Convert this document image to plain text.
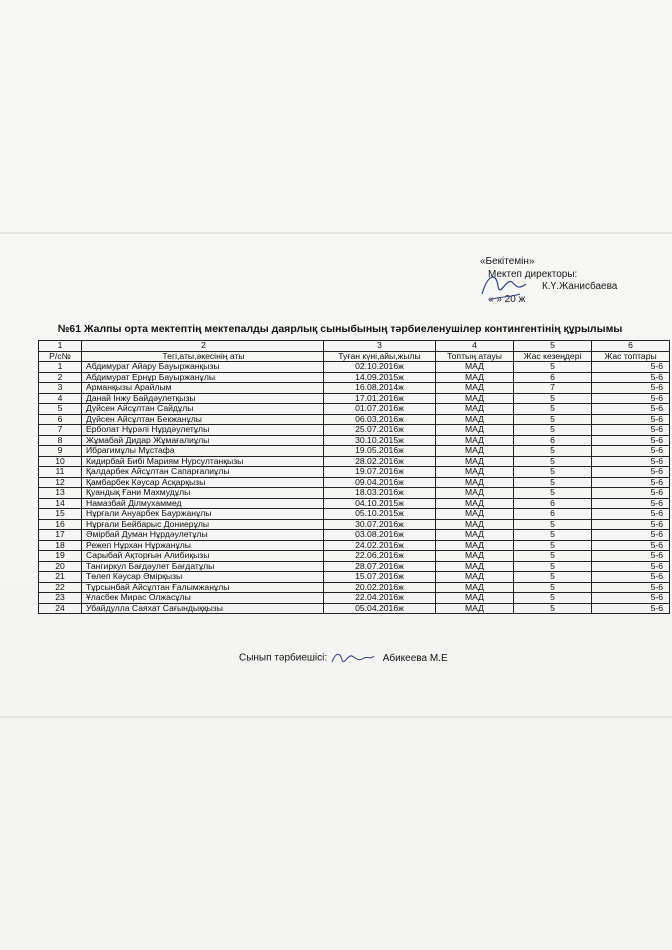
«Бекітемін»
Мектеп директоры:
К.Ү.Жанисбаева
« » 20 ж
№61 Жалпы орта мектептің мектепалды даярлық сыныбының тәрбиеленушілер контингентінің құрылымы
1	2	3	4	5	6
Р/с№	Тегі,аты,әкесінің аты	Туған күні,айы,жылы	Топтың атауы	Жас кезеңдері	Жас топтары
1	Абдимурат Айару Бауыржанқызы	02.10.2016ж	МАД	5	5-6
2	Абдимурат Ернұр Бауыржанұлы	14.09.2015ж	МАД	6	5-6
3	Арманқызы Арайлым	16.08.2014ж	МАД	7	5-6
4	Данай Інжу Байдәулетқызы	17.01.2016ж	МАД	5	5-6
5	Дүйсен Айсұлтан Сайдұлы	01.07.2016ж	МАД	5	5-6
6	Дүйсен Айсұлтан Бекжанұлы	06.03.2016ж	МАД	5	5-6
7	Ерболат Нұрәлі Нұрдәулетұлы	25.07.2016ж	МАД	5	5-6
8	Жұмабай Дидар Жұмағалиұлы	30.10.2015ж	МАД	6	5-6
9	Ибрагимұлы Мұстафа	19.05.2016ж	МАД	5	5-6
10	Кидирбай Бибі Мариям Нурсултанқызы	28.02.2016ж	МАД	5	5-6
11	Қалдарбек Айсұлтан Сапарғалиұлы	19.07.2016ж	МАД	5	5-6
12	Қамбарбек Кәусар Асқарқызы	09.04.2016ж	МАД	5	5-6
13	Қуандық Ғани Махмудұлы	18.03.2016ж	МАД	5	5-6
14	Намазбай Ділмухаммед	04.10.2015ж	МАД	6	5-6
15	Нұрғали Ануарбек Бауржанұлы	05.10.2015ж	МАД	6	5-6
16	Нұрғали Бейбарыс Дониерұлы	30.07.2016ж	МАД	5	5-6
17	Әмірбай Думан Нұрдәулетұлы	03.08.2016ж	МАД	5	5-6
18	Режеп Нұрхан Нұржанұлы	24.02.2016ж	МАД	5	5-6
19	Сарыбай Ақторғын Алибиқызы	22.06.2016ж	МАД	5	5-6
20	Тангиркул Бағдәулет Бағдатұлы	28.07.2016ж	МАД	5	5-6
21	Төлеп Кәусар Әмірқызы	15.07.2016ж	МАД	5	5-6
22	Тұрсынбай Айсұлтан Ғалымжанұлы	20.02.2016ж	МАД	5	5-6
23	Ұласбек Мирас Олжасұлы	22.04.2016ж	МАД	5	5-6
24	Убайдулла Саяхат Сағындыққызы	05.04.2016ж	МАД	5	5-6
Сынып тәрбиешісі:	Абикеева М.Е
